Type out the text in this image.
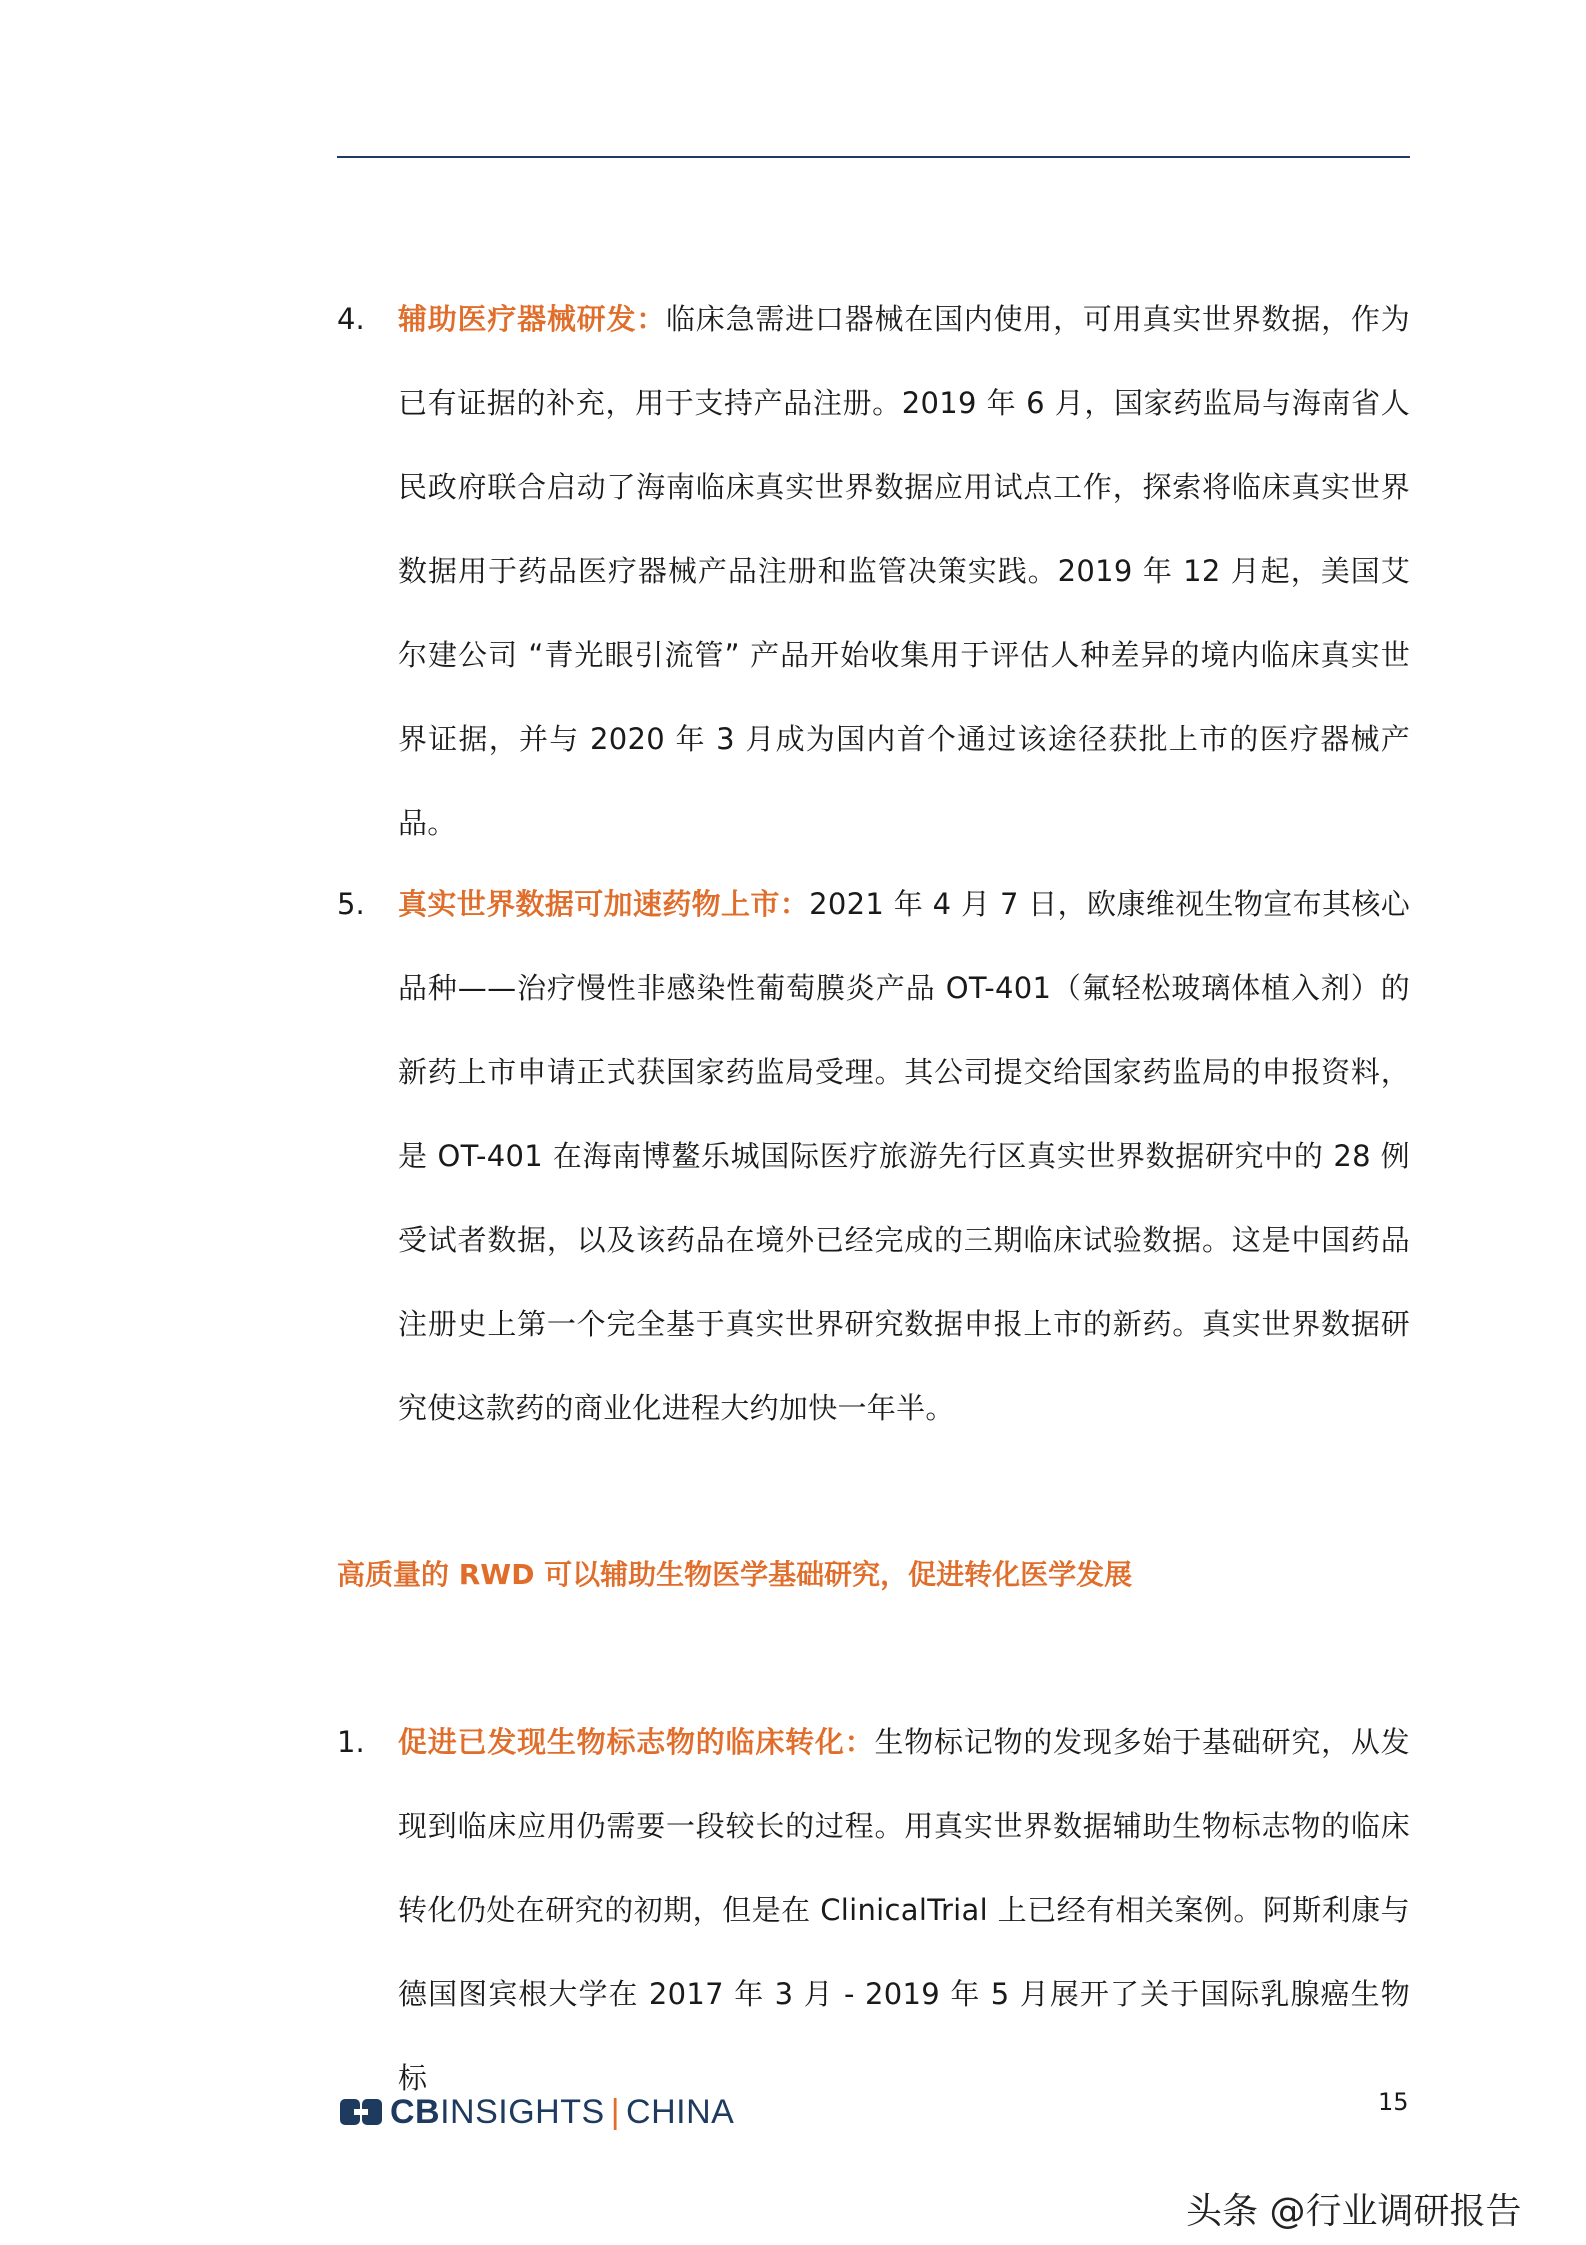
4. 辅助医疗器械研发：临床急需进口器械在国内使用，可用真实世界数据，作为已有证据的补充，用于支持产品注册。2019 年 6 月，国家药监局与海南省人民政府联合启动了海南临床真实世界数据应用试点工作，探索将临床真实世界数据用于药品医疗器械产品注册和监管决策实践。2019 年 12 月起，美国艾尔建公司 “青光眼引流管” 产品开始收集用于评估人种差异的境内临床真实世界证据，并与 2020 年 3 月成为国内首个通过该途径获批上市的医疗器械产品。
5. 真实世界数据可加速药物上市：2021 年 4 月 7 日，欧康维视生物宣布其核心品种——治疗慢性非感染性葡萄膜炎产品 OT-401（氟轻松玻璃体植入剂）的新药上市申请正式获国家药监局受理。其公司提交给国家药监局的申报资料，是 OT-401 在海南博鳌乐城国际医疗旅游先行区真实世界数据研究中的 28 例受试者数据，以及该药品在境外已经完成的三期临床试验数据。这是中国药品注册史上第一个完全基于真实世界研究数据申报上市的新药。真实世界数据研究使这款药的商业化进程大约加快一年半。
高质量的 RWD 可以辅助生物医学基础研究，促进转化医学发展
1. 促进已发现生物标志物的临床转化：生物标记物的发现多始于基础研究，从发现到临床应用仍需要一段较长的过程。用真实世界数据辅助生物标志物的临床转化仍处在研究的初期，但是在 ClinicalTrial 上已经有相关案例。阿斯利康与德国图宾根大学在 2017 年 3 月 - 2019 年 5 月展开了关于国际乳腺癌生物标
CBINSIGHTS | CHINA	15
头条 @行业调研报告
